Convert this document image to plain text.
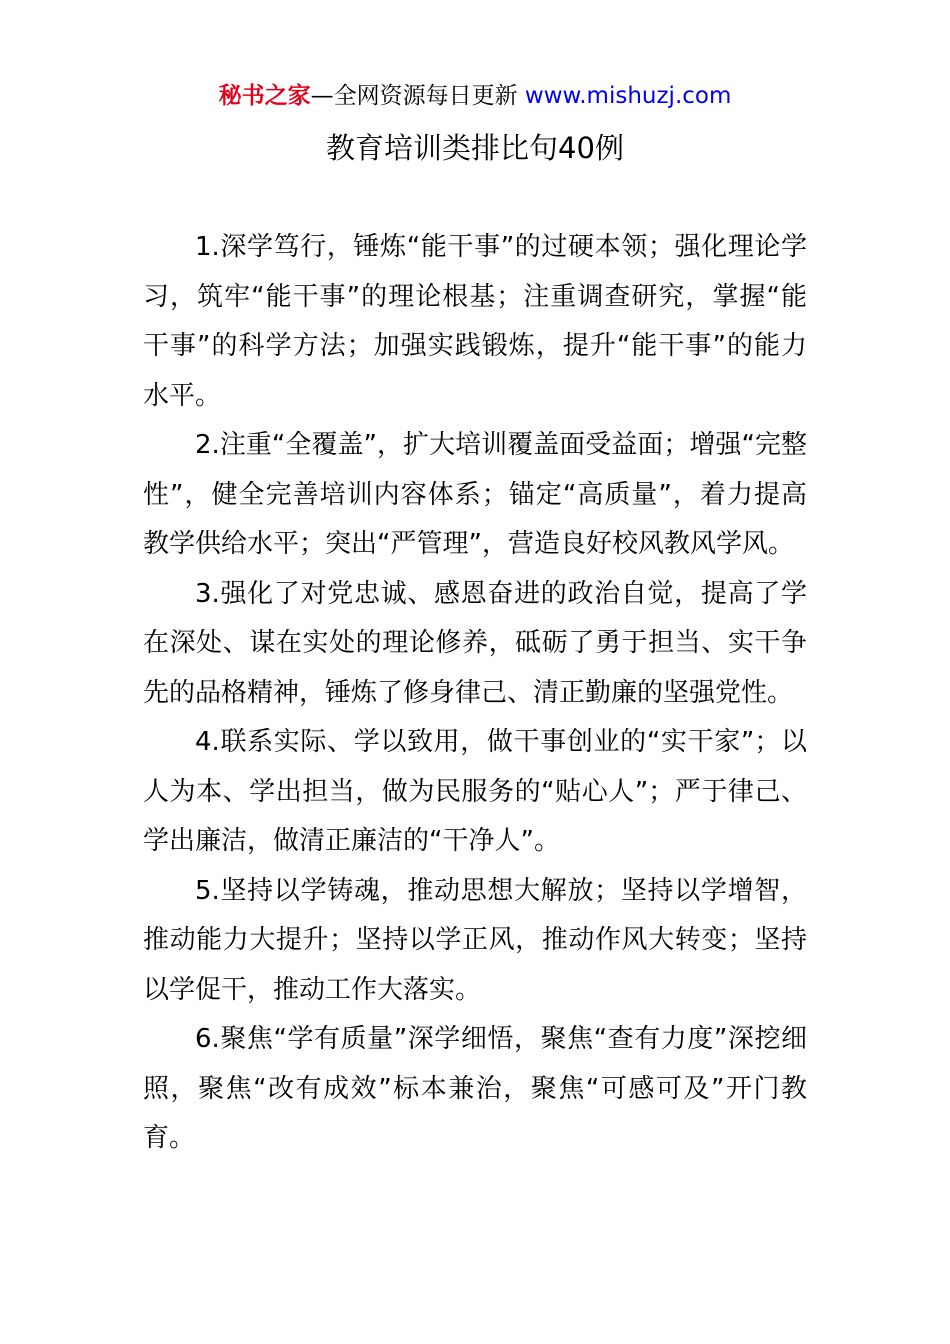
秘书之家—全网资源每日更新 www.mishuzj.com
教育培训类排比句40例

1.深学笃行，锤炼“能干事”的过硬本领；强化理论学习，筑牢“能干事”的理论根基；注重调查研究，掌握“能干事”的科学方法；加强实践锻炼，提升“能干事”的能力水平。

2.注重“全覆盖”，扩大培训覆盖面受益面；增强“完整性”，健全完善培训内容体系；锚定“高质量”，着力提高教学供给水平；突出“严管理”，营造良好校风教风学风。

3.强化了对党忠诚、感恩奋进的政治自觉，提高了学在深处、谋在实处的理论修养，砥砺了勇于担当、实干争先的品格精神，锤炼了修身律己、清正勤廉的坚强党性。

4.联系实际、学以致用，做干事创业的“实干家”；以人为本、学出担当，做为民服务的“贴心人”；严于律己、学出廉洁，做清正廉洁的“干净人”。

5.坚持以学铸魂，推动思想大解放；坚持以学增智，推动能力大提升；坚持以学正风，推动作风大转变；坚持以学促干，推动工作大落实。

6.聚焦“学有质量”深学细悟，聚焦“查有力度”深挖细照，聚焦“改有成效”标本兼治，聚焦“可感可及”开门教育。
